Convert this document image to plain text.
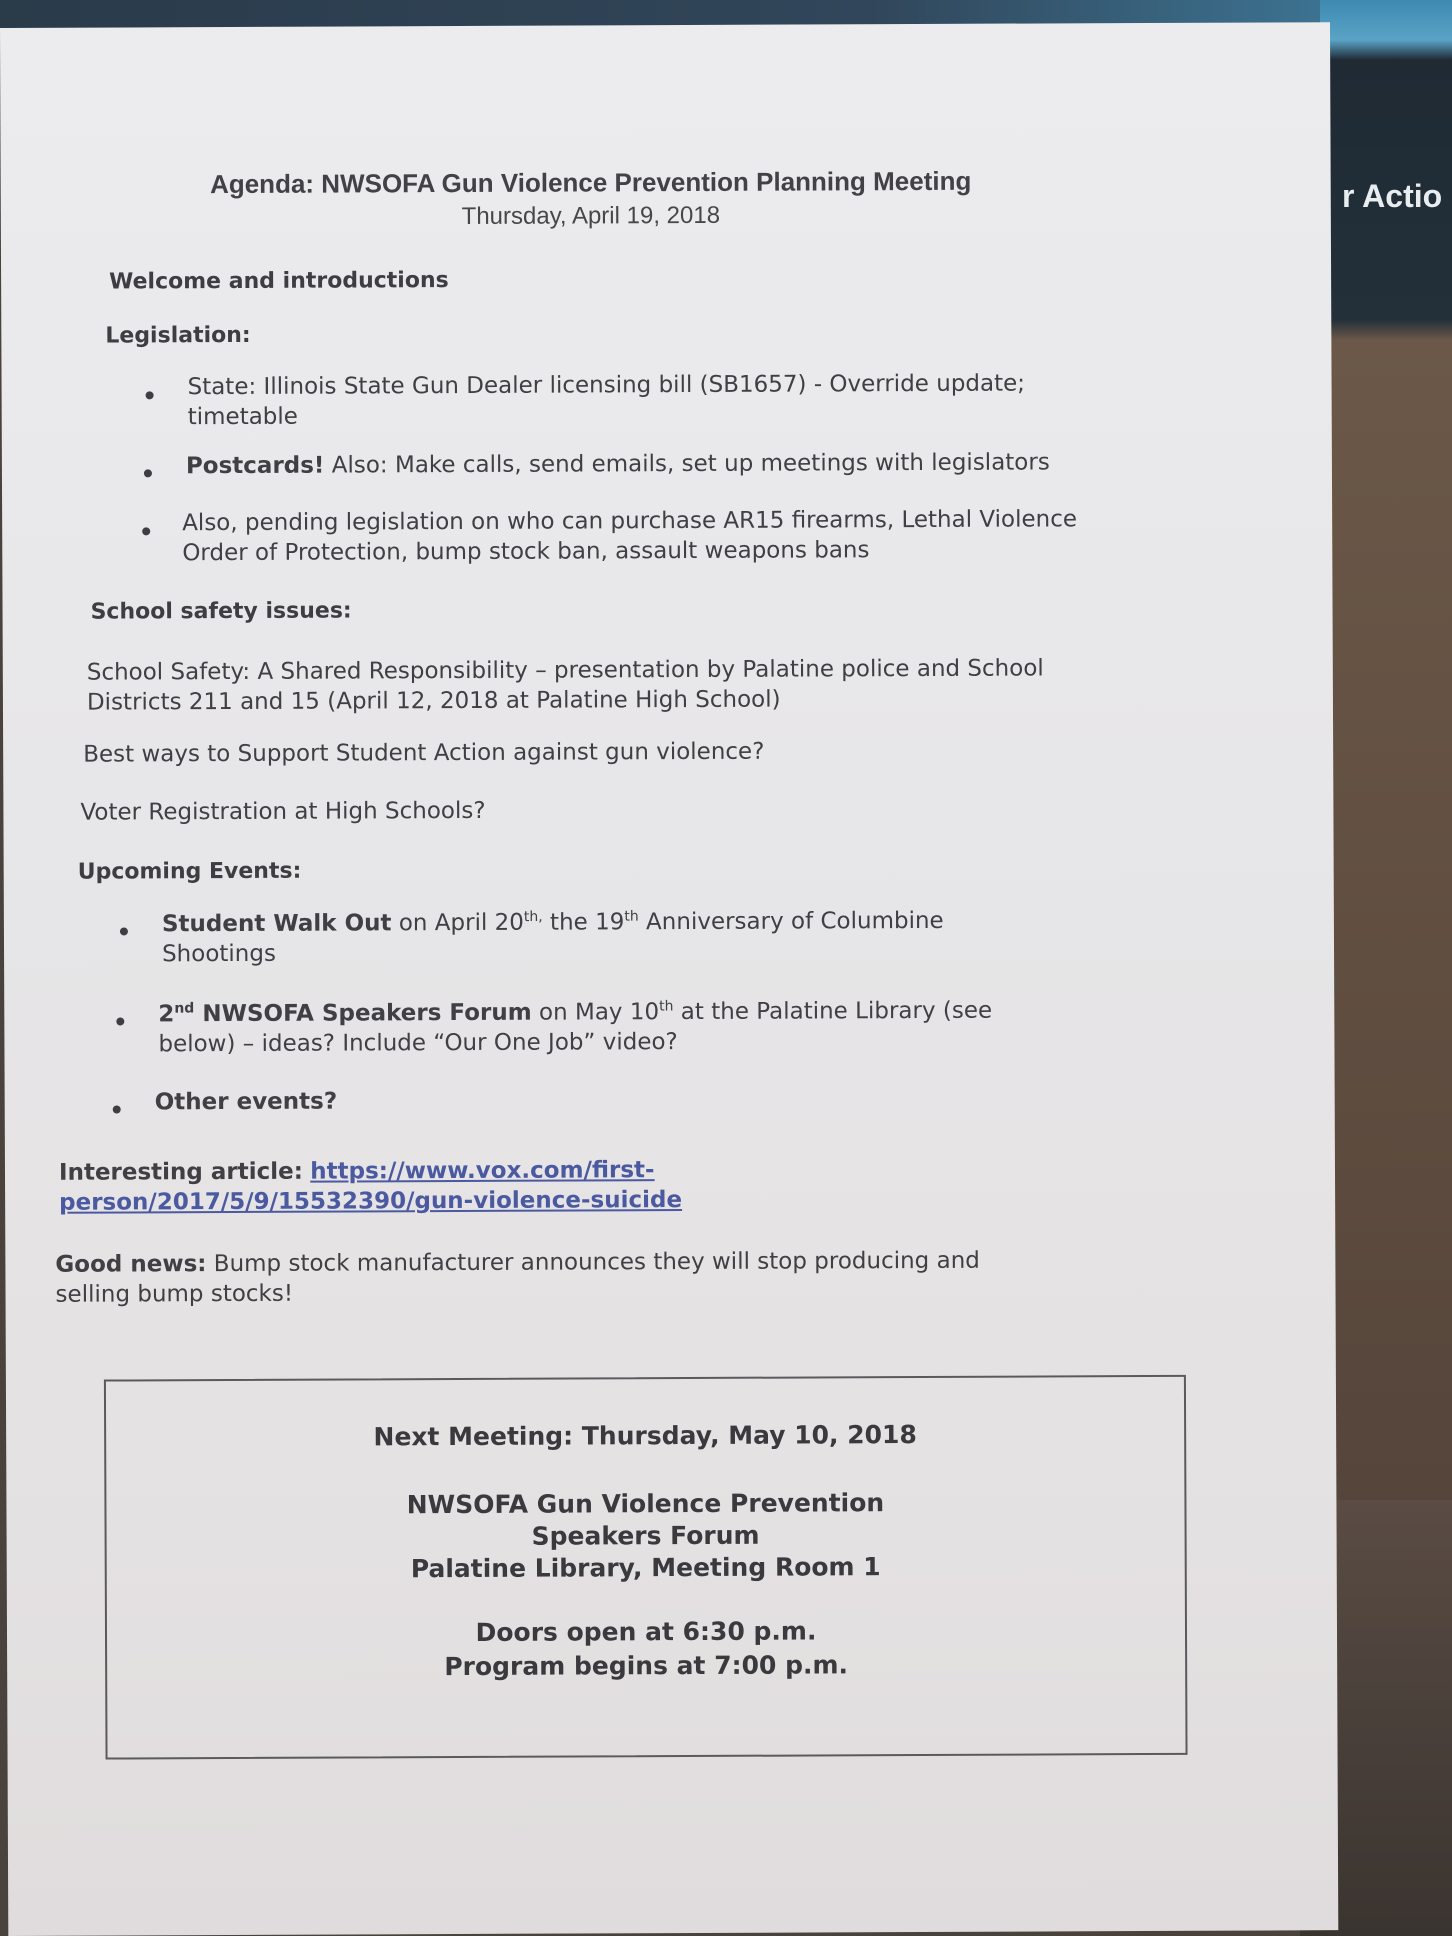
r Actio
Agenda: NWSOFA Gun Violence Prevention Planning Meeting
Thursday, April 19, 2018
Welcome and introductions
Legislation:
State: Illinois State Gun Dealer licensing bill (SB1657) - Override update;
timetable
Postcards! Also: Make calls, send emails, set up meetings with legislators
Also, pending legislation on who can purchase AR15 firearms, Lethal Violence
Order of Protection, bump stock ban, assault weapons bans
School safety issues:
School Safety: A Shared Responsibility – presentation by Palatine police and School
Districts 211 and 15 (April 12, 2018 at Palatine High School)
Best ways to Support Student Action against gun violence?
Voter Registration at High Schools?
Upcoming Events:
Student Walk Out on April $20^{th,}$ the 19th Anniversary of Columbine
Shootings
2nd NWSOFA Speakers Forum on May 10th at the Palatine Library (see
below) – ideas? Include “Our One Job” video?
Other events?
Interesting article: https://www.vox.com/first-
person/2017/5/9/15532390/gun-violence-suicide
Good news: Bump stock manufacturer announces they will stop producing and
selling bump stocks!
Next Meeting: Thursday, May 10, 2018
NWSOFA Gun Violence Prevention
Speakers Forum
Palatine Library, Meeting Room 1
Doors open at 6:30 p.m.
Program begins at 7:00 p.m.
